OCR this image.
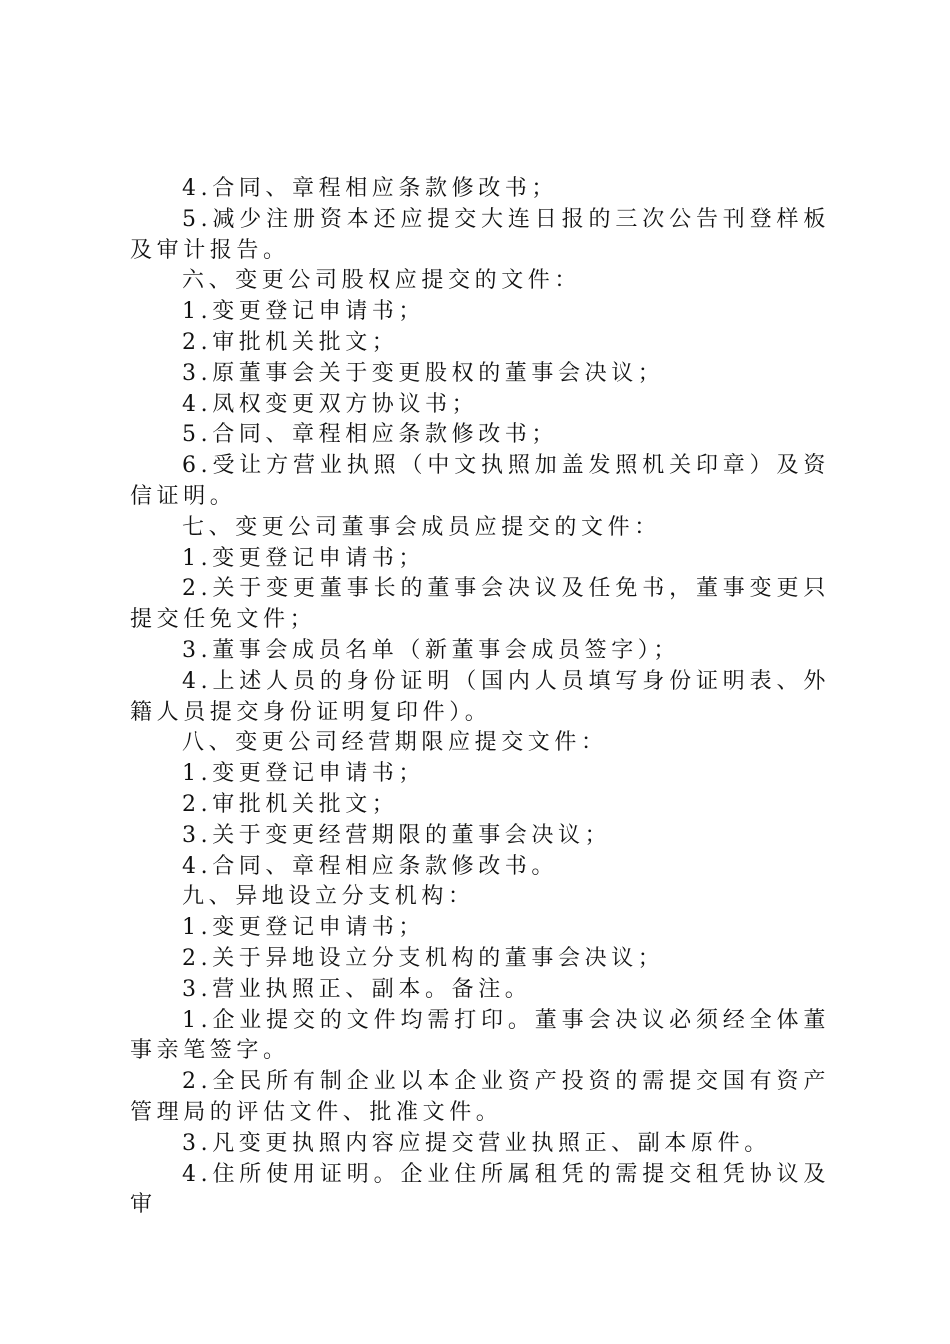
4.合同、章程相应条款修改书；

5.减少注册资本还应提交大连日报的三次公告刊登样板及审计报告。

六、变更公司股权应提交的文件：

1.变更登记申请书；

2.审批机关批文；

3.原董事会关于变更股权的董事会决议；

4.凤权变更双方协议书；

5.合同、章程相应条款修改书；

6.受让方营业执照（中文执照加盖发照机关印章）及资信证明。

七、变更公司董事会成员应提交的文件：

1.变更登记申请书；

2.关于变更董事长的董事会决议及任免书，董事变更只提交任免文件；

3.董事会成员名单（新董事会成员签字）；

4.上述人员的身份证明（国内人员填写身份证明表、外籍人员提交身份证明复印件）。

八、变更公司经营期限应提交文件：

1.变更登记申请书；

2.审批机关批文；

3.关于变更经营期限的董事会决议；

4.合同、章程相应条款修改书。

九、异地设立分支机构：

1.变更登记申请书；

2.关于异地设立分支机构的董事会决议；

3.营业执照正、副本。备注。

1.企业提交的文件均需打印。董事会决议必须经全体董事亲笔签字。

2.全民所有制企业以本企业资产投资的需提交国有资产管理局的评估文件、批准文件。

3.凡变更执照内容应提交营业执照正、副本原件。

4.住所使用证明。企业住所属租凭的需提交租凭协议及审
